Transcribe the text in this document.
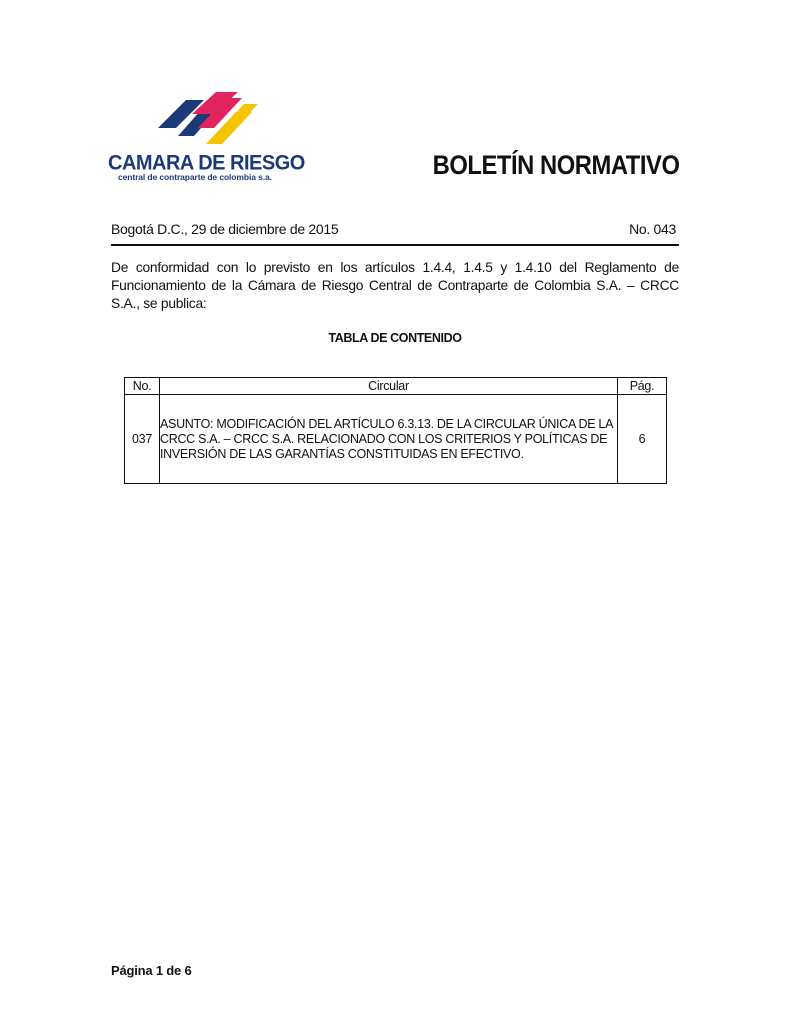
CAMARA DE RIESGO
central de contraparte de colombia s.a.	BOLETÍN NORMATIVO
Bogotá D.C., 29 de diciembre de 2015	No. 043
De conformidad con lo previsto en los artículos 1.4.4, 1.4.5 y 1.4.10 del Reglamento de Funcionamiento de la Cámara de Riesgo Central de Contraparte de Colombia S.A. – CRCC S.A., se publica:
TABLA DE CONTENIDO
No.	Circular	Pág.
037	ASUNTO: MODIFICACIÓN DEL ARTÍCULO 6.3.13. DE LA CIRCULAR ÚNICA DE LA CRCC S.A. – CRCC S.A. RELACIONADO CON LOS CRITERIOS Y POLÍTICAS DE INVERSIÓN DE LAS GARANTÍAS CONSTITUIDAS EN EFECTIVO.	6
Página 1 de 6
